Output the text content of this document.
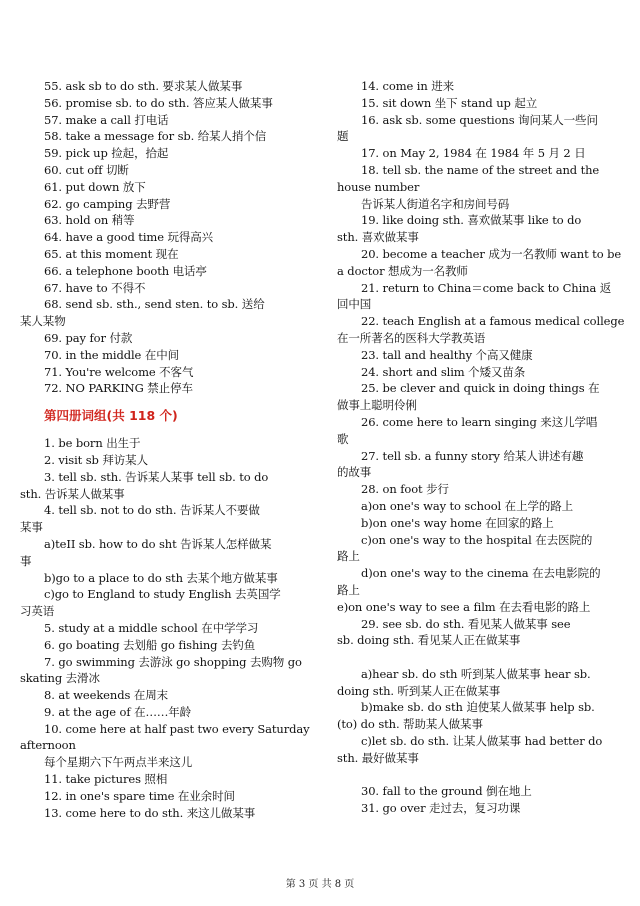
55. ask sb to do sth. 要求某人做某事

56. promise sb. to do sth. 答应某人做某事

57. make a call 打电话

58. take a message for sb. 给某人捎个信

59. pick up 捡起，拾起

60. cut off 切断

61. put down 放下

62. go camping 去野营

63. hold on 稍等

64. have a good time 玩得高兴

65. at this moment 现在

66. a telephone booth 电话亭

67. have to 不得不

68. send sb. sth., send sten. to sb. 送给

某人某物

69. pay for 付款

70. in the middle 在中间

71. You're welcome 不客气

72. NO PARKING 禁止停车

第四册词组(共 118 个)

1. be born 出生于

2. visit sb 拜访某人

3. tell sb. sth. 告诉某人某事 tell sb. to do

sth. 告诉某人做某事

4. tell sb. not to do sth. 告诉某人不要做

某事

a)teII sb. how to do sht 告诉某人怎样做某

事

b)go to a place to do sth 去某个地方做某事

c)go to England to study English 去英国学

习英语

5. study at a middle school 在中学学习

6. go boating 去划船 go fishing 去钓鱼

7. go swimming 去游泳 go shopping 去购物 go

skating 去滑冰

8. at weekends 在周末

9. at the age of 在……年龄

10. come here at half past two every Saturday

afternoon

每个星期六下午两点半来这儿

11. take pictures 照相

12. in one's spare time 在业余时间

13. come here to do sth. 来这儿做某事

14. come in 进来

15. sit down 坐下 stand up 起立

16. ask sb. some questions 询问某人一些问

题

17. on May 2, 1984 在 1984 年 5 月 2 日

18. tell sb. the name of the street and the

house number

告诉某人街道名字和房间号码

19. like doing sth. 喜欢做某事 like to do

sth. 喜欢做某事

20. become a teacher 成为一名教师 want to be

a doctor 想成为一名教师

21. return to China＝come back to China 返

回中国

22. teach English at a famous medical college

在一所著名的医科大学教英语

23. tall and healthy 个高又健康

24. short and slim 个矮又苗条

25. be clever and quick in doing things 在

做事上聪明伶俐

26. come here to learn singing 来这儿学唱

歌

27. tell sb. a funny story 给某人讲述有趣

的故事

28. on foot 步行

a)on one's way to school 在上学的路上

b)on one's way home 在回家的路上

c)on one's way to the hospital 在去医院的

路上

d)on one's way to the cinema 在去电影院的

路上

e)on one's way to see a film 在去看电影的路上

29. see sb. do sth. 看见某人做某事 see

sb. doing sth. 看见某人正在做某事

a)hear sb. do sth 听到某人做某事 hear sb.

doing sth. 听到某人正在做某事

b)make sb. do sth 迫使某人做某事 help sb.

(to) do sth. 帮助某人做某事

c)let sb. do sth. 让某人做某事 had better do

sth. 最好做某事

30. fall to the ground 倒在地上

31. go over 走过去，复习功课

第 3 页 共 8 页
